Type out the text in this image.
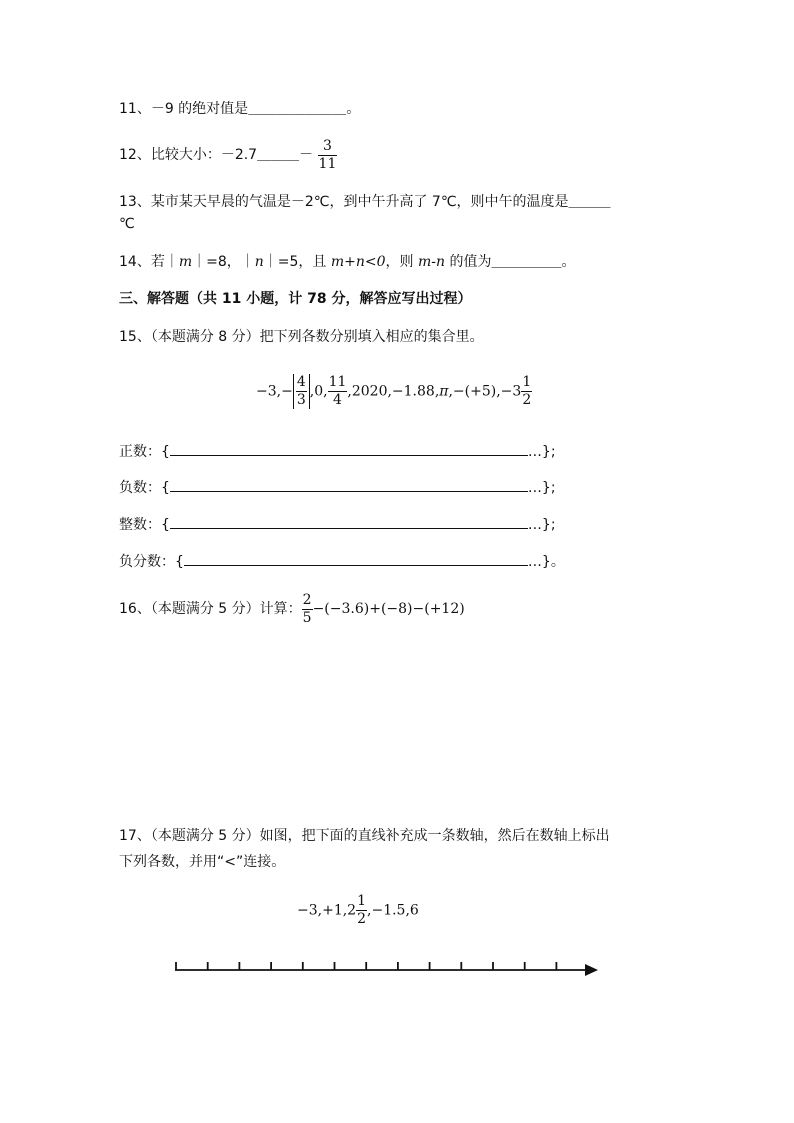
11、－9 的绝对值是＿＿＿＿＿＿＿。
12、比较大小：－2.7＿＿＿－ $\frac{3}{11}$
13、某市某天早晨的气温是－2℃，到中午升高了 7℃，则中午的温度是＿＿＿
℃
14、若｜m｜=8，｜n｜=5，且 m+n<0，则 m-n 的值为＿＿＿＿＿。
三、解答题（共 11 小题，计 78 分，解答应写出过程）
15、（本题满分 8 分）把下列各数分别填入相应的集合里。
$-3,- \frac{4}{3} ,0$, $\frac{11}{4} ,2020,-1.88,\pi,-(+5),-3 \frac{1}{2}$
正数：{	…};
负数：{	…};
整数：{	…};
负分数：{	…}。
16、（本题满分 5 分）计算： $\frac{2}{5} -(-3.6)+(-8)-(+12)$
17、（本题满分 5 分）如图，把下面的直线补充成一条数轴，然后在数轴上标出
下列各数，并用“<”连接。
$-3,+1,2 \frac{1}{2} ,-1.5,6$
